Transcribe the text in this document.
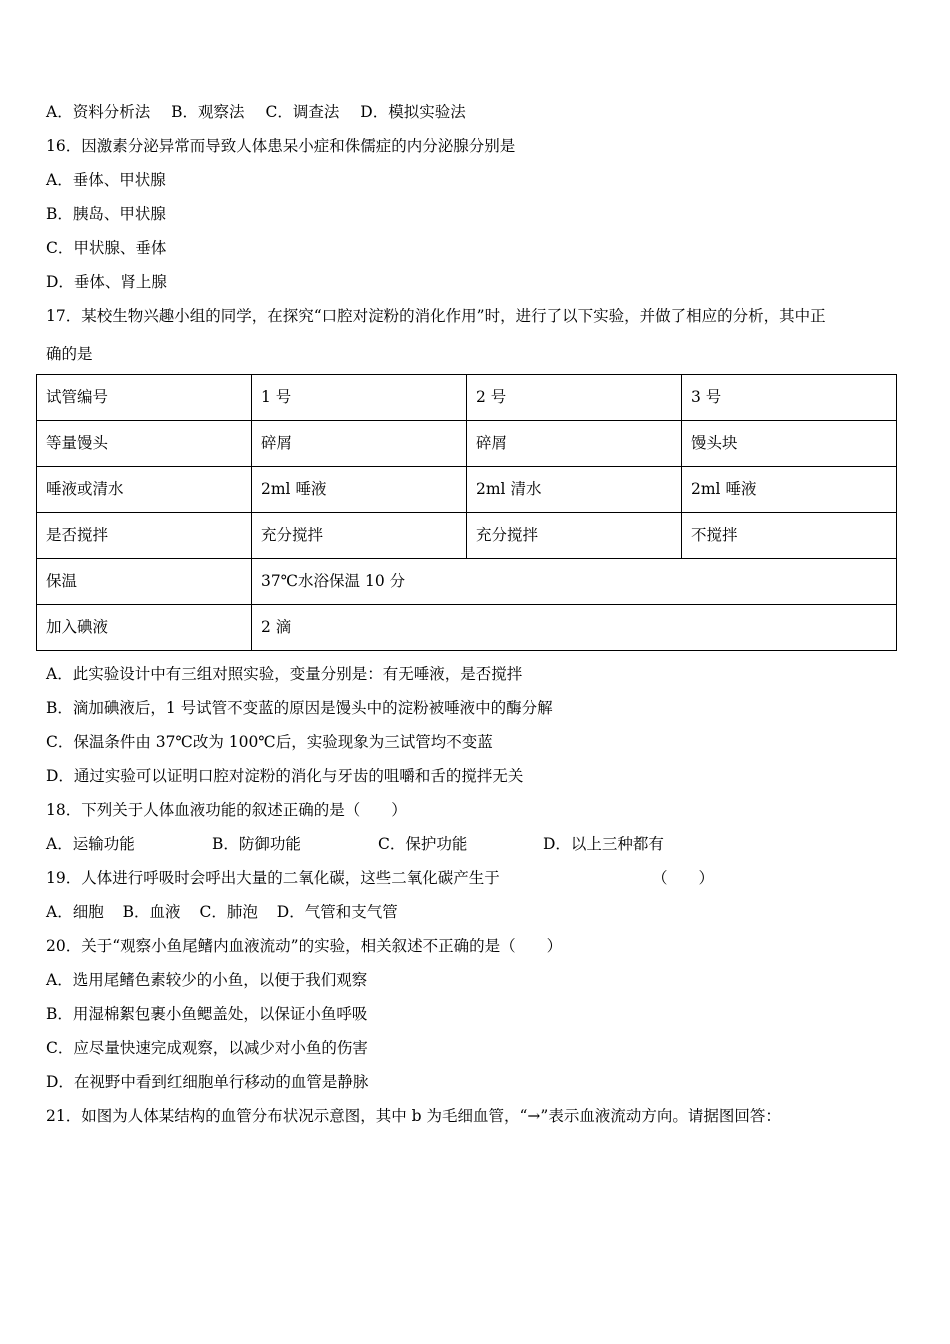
A．资料分析法 B．观察法 C．调查法 D．模拟实验法
16．因激素分泌异常而导致人体患呆小症和侏儒症的内分泌腺分别是
A．垂体、甲状腺
B．胰岛、甲状腺
C．甲状腺、垂体
D．垂体、肾上腺
17．某校生物兴趣小组的同学，在探究“口腔对淀粉的消化作用”时，进行了以下实验，并做了相应的分析，其中正
确的是
试管编号	1 号	2 号	3 号
等量馒头	碎屑	碎屑	馒头块
唾液或清水	2ml 唾液	2ml 清水	2ml 唾液
是否搅拌	充分搅拌	充分搅拌	不搅拌
保温	37℃水浴保温 10 分		
加入碘液	2 滴		
A．此实验设计中有三组对照实验，变量分别是：有无唾液，是否搅拌
B．滴加碘液后，1 号试管不变蓝的原因是馒头中的淀粉被唾液中的酶分解
C．保温条件由 37℃改为 100℃后，实验现象为三试管均不变蓝
D．通过实验可以证明口腔对淀粉的消化与牙齿的咀嚼和舌的搅拌无关
18．下列关于人体血液功能的叙述正确的是（　　）
A．运输功能	B．防御功能	C．保护功能	D．以上三种都有
19．人体进行呼吸时会呼出大量的二氧化碳，这些二氧化碳产生于	（　　）
A．细胞 B．血液 C．肺泡 D．气管和支气管
20．关于“观察小鱼尾鳍内血液流动”的实验，相关叙述不正确的是（　　）
A．选用尾鳍色素较少的小鱼，以便于我们观察
B．用湿棉絮包裹小鱼鳃盖处，以保证小鱼呼吸
C．应尽量快速完成观察，以减少对小鱼的伤害
D．在视野中看到红细胞单行移动的血管是静脉
21．如图为人体某结构的血管分布状况示意图，其中 b 为毛细血管，“→”表示血液流动方向。请据图回答：
